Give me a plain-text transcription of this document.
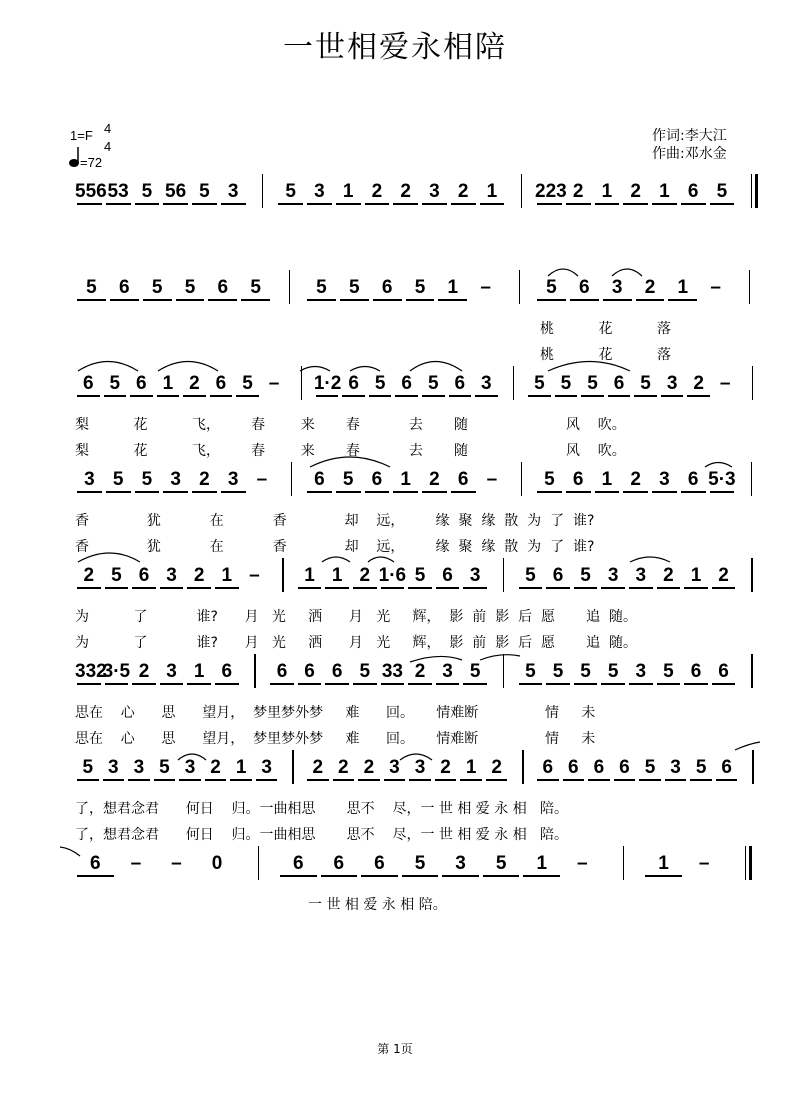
一世相爱永相陪
1=F 4
4
=72
作词:李大江
作曲:邓水金
556 53 5 56 5 3	5 3 1 2 2 3 2 1	223 2 1 2 1 6 5
5	6	5	5	6	5	5	5	6	5	1	–	5	6	3	2	1	–
6 5 6 1 2 6 5 –	1·2 6 5 6 5 6 3	5 5 5 6 5 3 2 –
3 5 5 3 2 3 –	6 5 6 1 2 6 –	5 6 1 2 3 6 5·3
2 5 6 3 2 1 –	1 1 2 1·6 5 6 3	5 6 5 3 3 2 1 2
332
3·5 2 3 1 6	6 6 6 5 33 2 3 5	5 5 5 5 3 5 6 6
5 3 3 5 3 2 1 3	2 2 2 3 3 2 1 2	6 6 6 6 5 3 5 6
6	–	–	0	6	6	6	5	3	5	1	–	1	–
桃          花          落
桃          花          落
梨          花          飞，       春        来       春           去       随                      风    吹。
梨          花          飞，       春        来       春           去       随                      风    吹。
香             犹           在           香             却    远，       缘  聚  缘  散  为  了  谁?
香             犹           在           香             却    远，       缘  聚  缘  散  为  了  谁?
为          了           谁?      月   光     洒      月   光     辉，  影  前  影  后  愿       追  随。
为          了           谁?      月   光     洒      月   光     辉，  影  前  影  后  愿       追  随。
思在    心      思      望月，  梦里梦外梦     难      回。     情难断               情     未
思在    心      思      望月，  梦里梦外梦     难      回。     情难断               情     未
了，想君念君      何日    归。一曲相思       思不    尽，一 世 相 爱 永 相   陪。
了，想君念君      何日    归。一曲相思       思不    尽，一 世 相 爱 永 相   陪。
一 世 相 爱 永 相 陪。
第 1页
